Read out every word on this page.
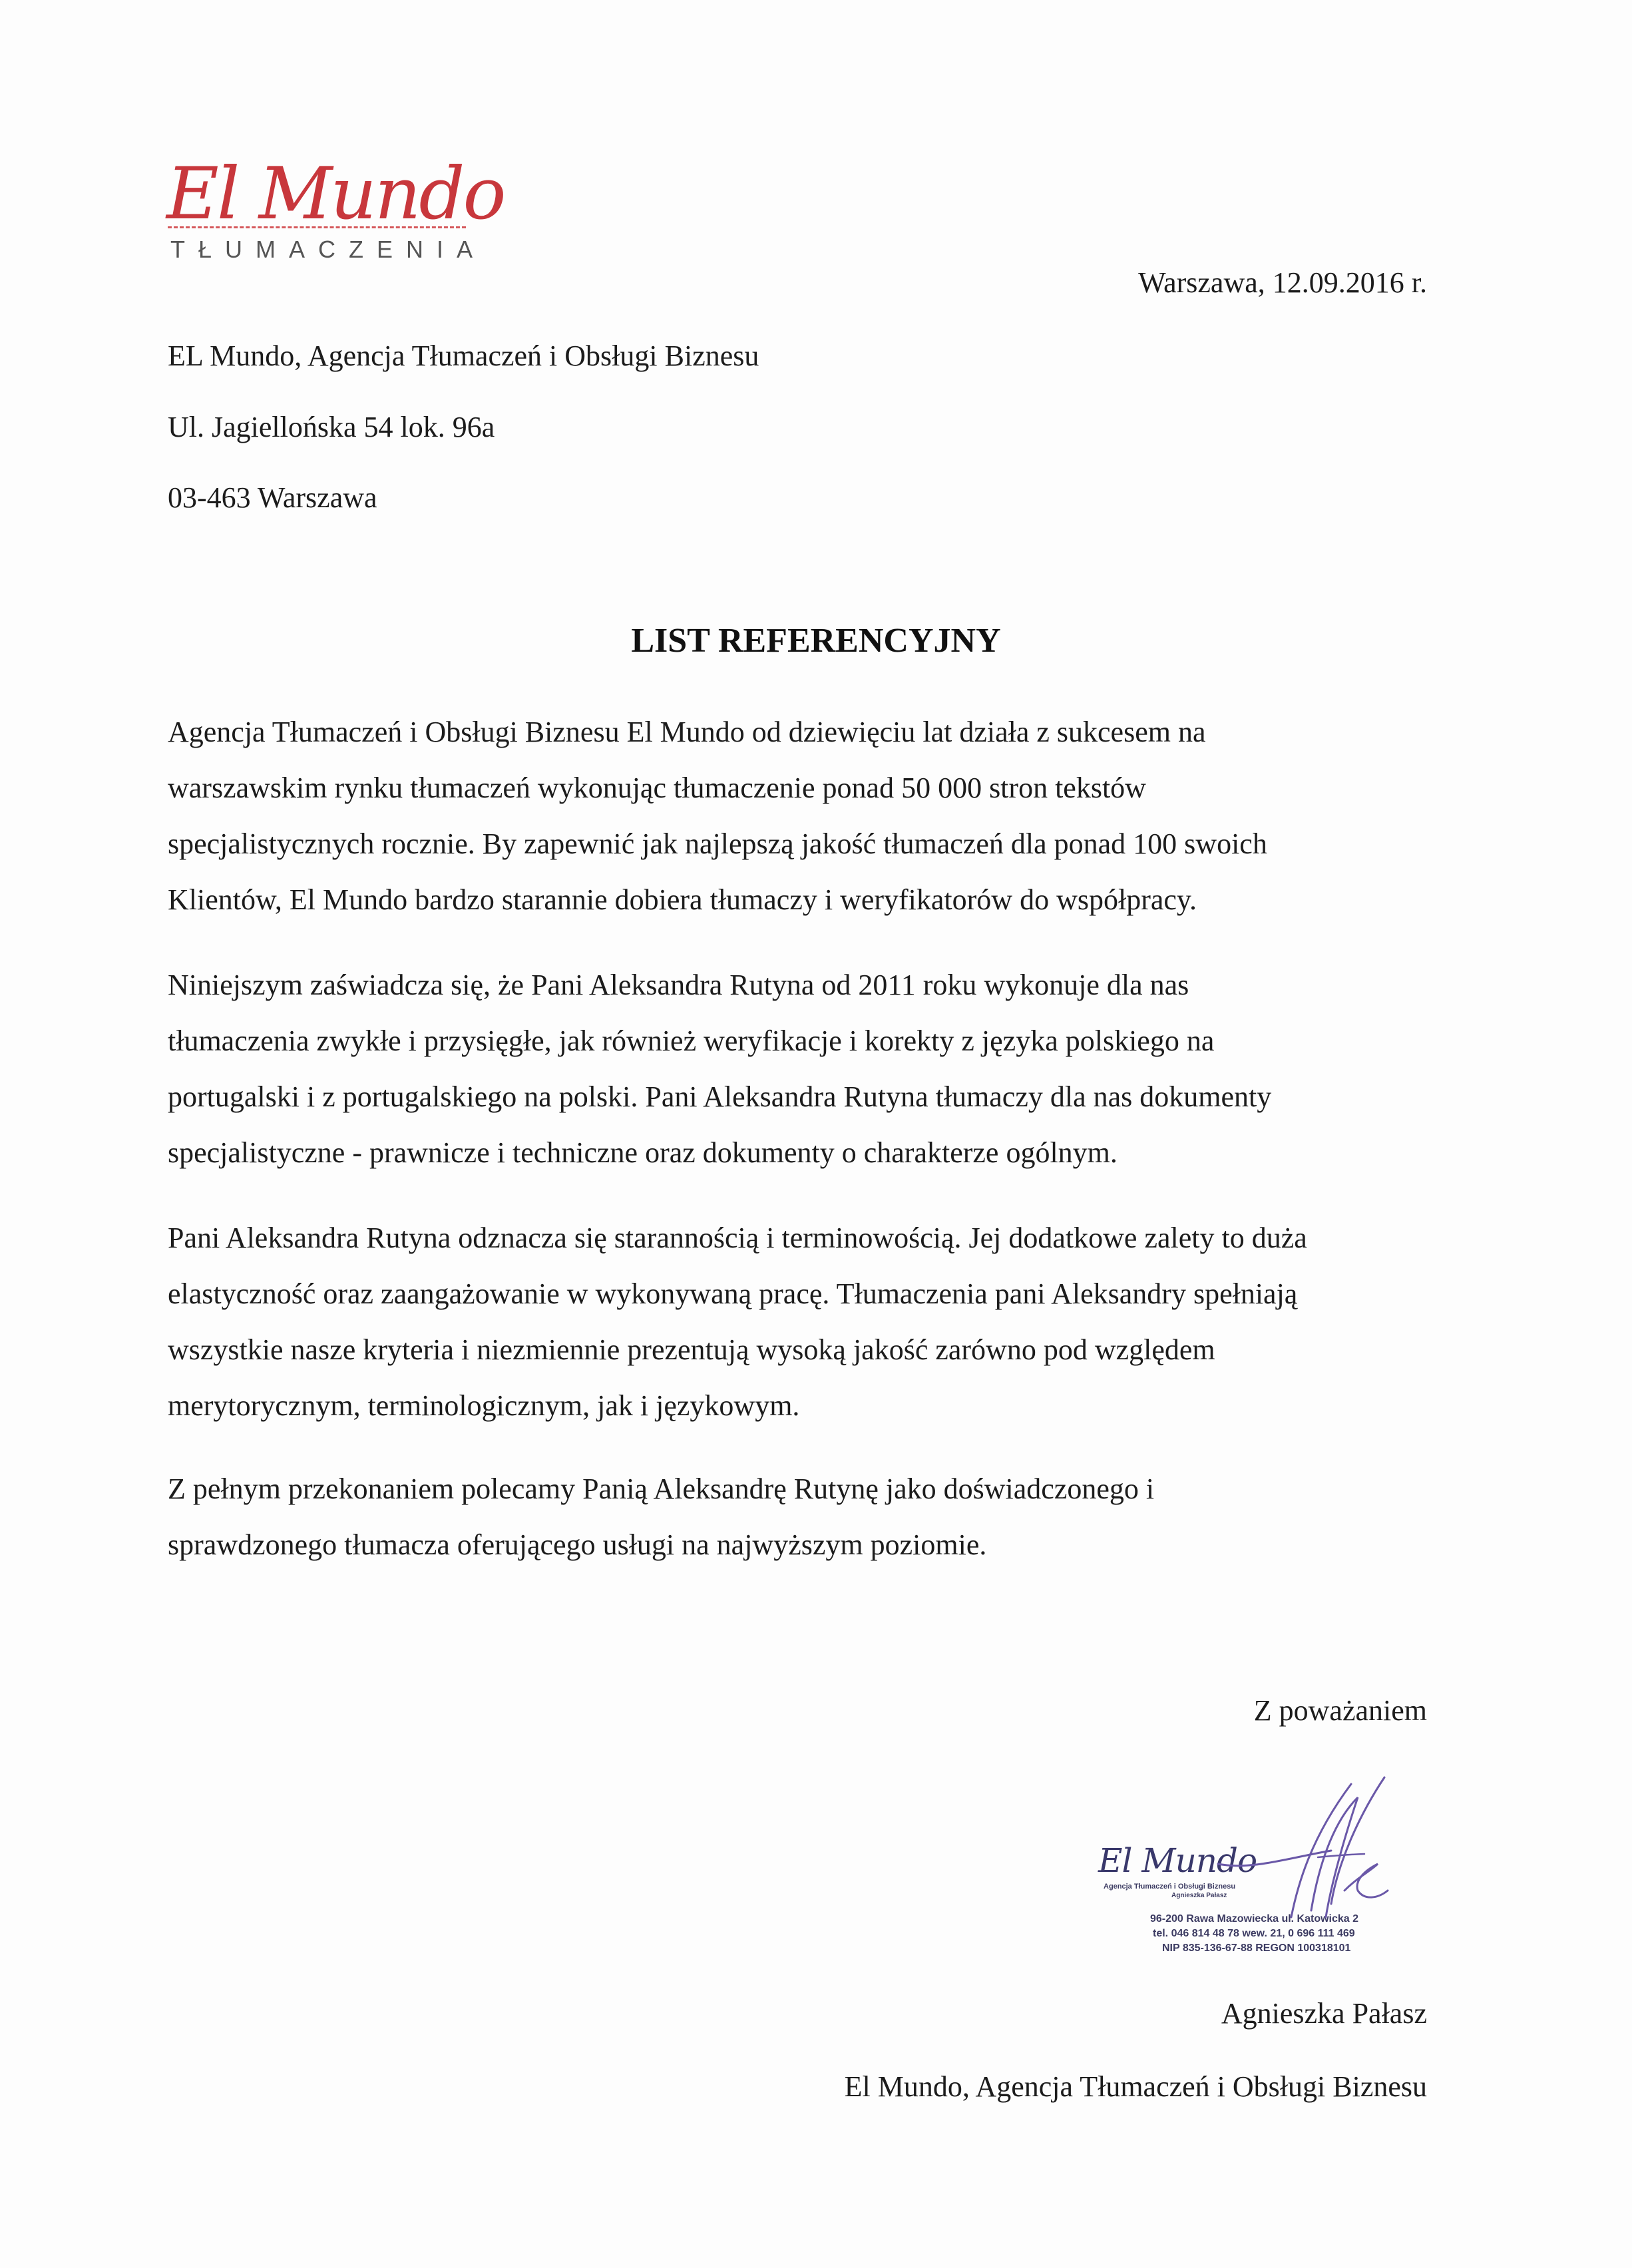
El Mundo
TŁUMACZENIA
Warszawa, 12.09.2016 r.
EL Mundo, Agencja Tłumaczeń i Obsługi Biznesu
Ul. Jagiellońska 54 lok. 96a
03-463 Warszawa
LIST REFERENCYJNY
Agencja Tłumaczeń i Obsługi Biznesu El Mundo od dziewięciu lat działa z sukcesem na
warszawskim rynku tłumaczeń wykonując tłumaczenie ponad 50 000 stron tekstów
specjalistycznych rocznie. By zapewnić jak najlepszą jakość tłumaczeń dla ponad 100 swoich
Klientów, El Mundo bardzo starannie dobiera tłumaczy i weryfikatorów do współpracy.
Niniejszym zaświadcza się, że Pani Aleksandra Rutyna od 2011 roku wykonuje dla nas
tłumaczenia zwykłe i przysięgłe, jak również weryfikacje i korekty z języka polskiego na
portugalski i z portugalskiego na polski. Pani Aleksandra Rutyna tłumaczy dla nas dokumenty
specjalistyczne - prawnicze i techniczne oraz dokumenty o charakterze ogólnym.
Pani Aleksandra Rutyna odznacza się starannością i terminowością. Jej dodatkowe zalety to duża
elastyczność oraz zaangażowanie w wykonywaną pracę. Tłumaczenia pani Aleksandry spełniają
wszystkie nasze kryteria i niezmiennie prezentują wysoką jakość zarówno pod względem
merytorycznym, terminologicznym, jak i językowym.
Z pełnym przekonaniem polecamy Panią Aleksandrę Rutynę jako doświadczonego i
sprawdzonego tłumacza oferującego usługi na najwyższym poziomie.
Z poważaniem
El Mundo
Agencja Tłumaczeń i Obsługi Biznesu
Agnieszka Pałasz
96-200 Rawa Mazowiecka ul. Katowicka 2
tel. 046 814 48 78 wew. 21, 0 696 111 469
NIP 835-136-67-88 REGON 100318101
Agnieszka Pałasz
El Mundo, Agencja Tłumaczeń i Obsługi Biznesu
